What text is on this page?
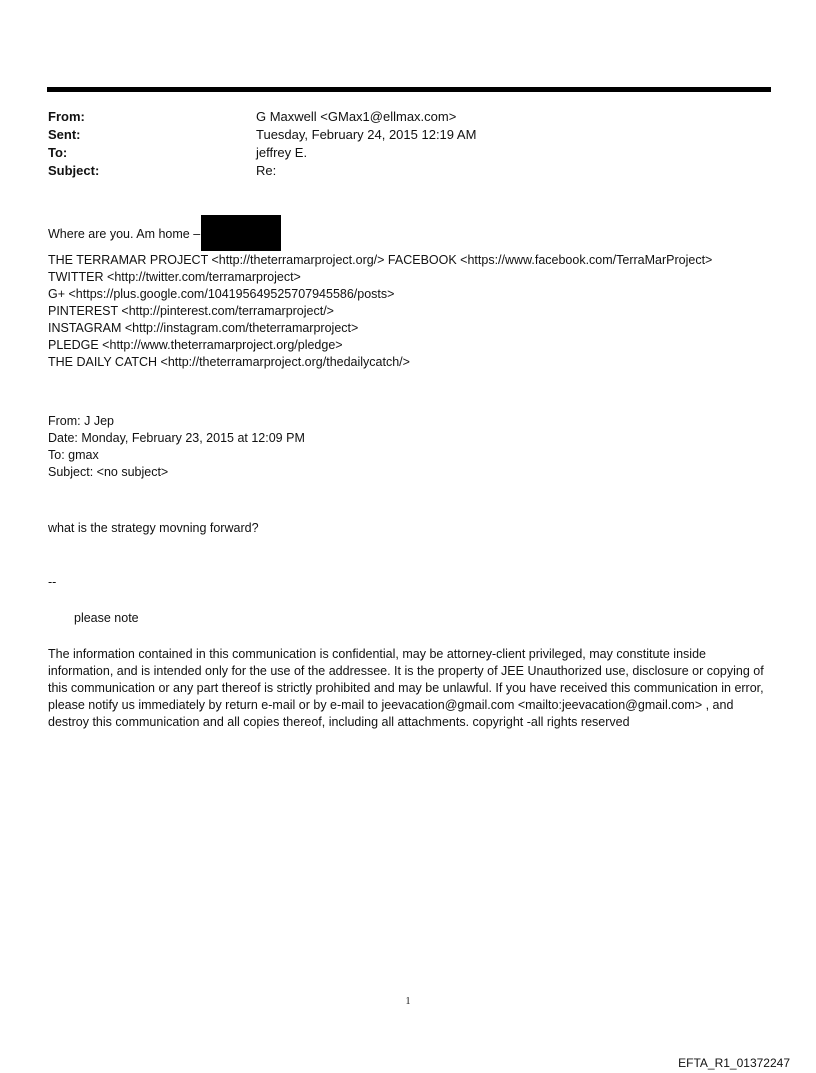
From:	G Maxwell <GMax1@ellmax.com>
Sent:	Tuesday, February 24, 2015 12:19 AM
To:	jeffrey E.
Subject:	Re:
Where are you. Am home –
THE TERRAMAR PROJECT <http://theterramarproject.org/> FACEBOOK <https://www.facebook.com/TerraMarProject>
TWITTER <http://twitter.com/terramarproject>
G+ <https://plus.google.com/104195649525707945586/posts>
PINTEREST <http://pinterest.com/terramarproject/>
INSTAGRAM <http://instagram.com/theterramarproject>
PLEDGE <http://www.theterramarproject.org/pledge>
THE DAILY CATCH <http://theterramarproject.org/thedailycatch/>
From: J Jep
Date: Monday, February 23, 2015 at 12:09 PM
To: gmax
Subject: <no subject>
what is the strategy movning forward?
--
please note
The information contained in this communication is confidential, may be attorney-client privileged, may constitute inside information, and is intended only for the use of the addressee. It is the property of JEE Unauthorized use, disclosure or copying of this communication or any part thereof is strictly prohibited and may be unlawful. If you have received this communication in error, please notify us immediately by return e-mail or by e-mail to jeevacation@gmail.com <mailto:jeevacation@gmail.com> , and destroy this communication and all copies thereof, including all attachments. copyright -all rights reserved
1
EFTA_R1_01372247
